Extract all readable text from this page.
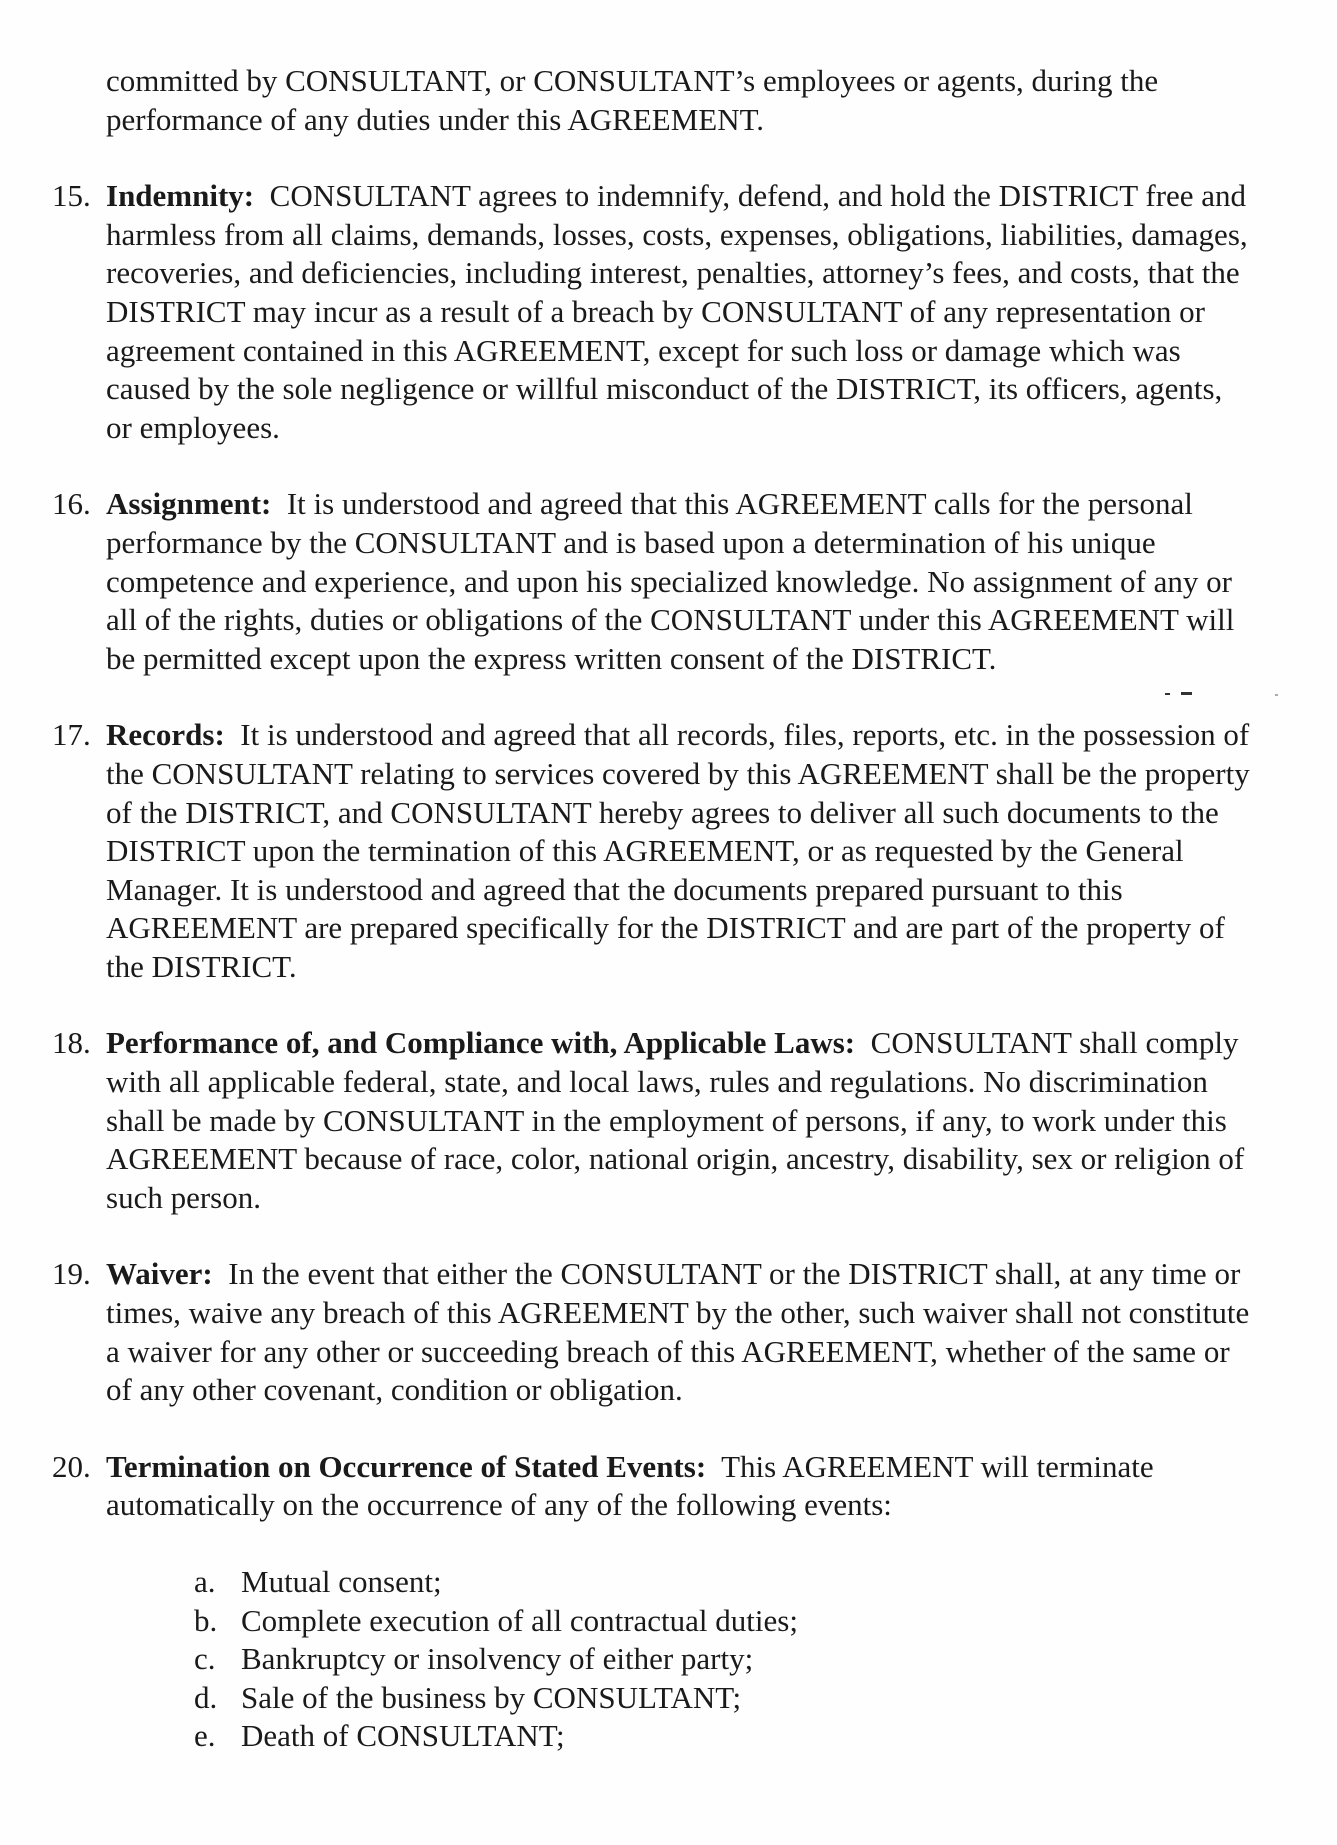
committed by CONSULTANT, or CONSULTANT’s employees or agents, during the performance of any duties under this AGREEMENT.
15. Indemnity: CONSULTANT agrees to indemnify, defend, and hold the DISTRICT free and harmless from all claims, demands, losses, costs, expenses, obligations, liabilities, damages, recoveries, and deficiencies, including interest, penalties, attorney’s fees, and costs, that the DISTRICT may incur as a result of a breach by CONSULTANT of any representation or agreement contained in this AGREEMENT, except for such loss or damage which was caused by the sole negligence or willful misconduct of the DISTRICT, its officers, agents, or employees.
16. Assignment: It is understood and agreed that this AGREEMENT calls for the personal performance by the CONSULTANT and is based upon a determination of his unique competence and experience, and upon his specialized knowledge. No assignment of any or all of the rights, duties or obligations of the CONSULTANT under this AGREEMENT will be permitted except upon the express written consent of the DISTRICT.
17. Records: It is understood and agreed that all records, files, reports, etc. in the possession of the CONSULTANT relating to services covered by this AGREEMENT shall be the property of the DISTRICT, and CONSULTANT hereby agrees to deliver all such documents to the DISTRICT upon the termination of this AGREEMENT, or as requested by the General Manager. It is understood and agreed that the documents prepared pursuant to this AGREEMENT are prepared specifically for the DISTRICT and are part of the property of the DISTRICT.
18. Performance of, and Compliance with, Applicable Laws: CONSULTANT shall comply with all applicable federal, state, and local laws, rules and regulations. No discrimination shall be made by CONSULTANT in the employment of persons, if any, to work under this AGREEMENT because of race, color, national origin, ancestry, disability, sex or religion of such person.
19. Waiver: In the event that either the CONSULTANT or the DISTRICT shall, at any time or times, waive any breach of this AGREEMENT by the other, such waiver shall not constitute a waiver for any other or succeeding breach of this AGREEMENT, whether of the same or of any other covenant, condition or obligation.
20. Termination on Occurrence of Stated Events: This AGREEMENT will terminate automatically on the occurrence of any of the following events:
a. Mutual consent;
b. Complete execution of all contractual duties;
c. Bankruptcy or insolvency of either party;
d. Sale of the business by CONSULTANT;
e. Death of CONSULTANT;
